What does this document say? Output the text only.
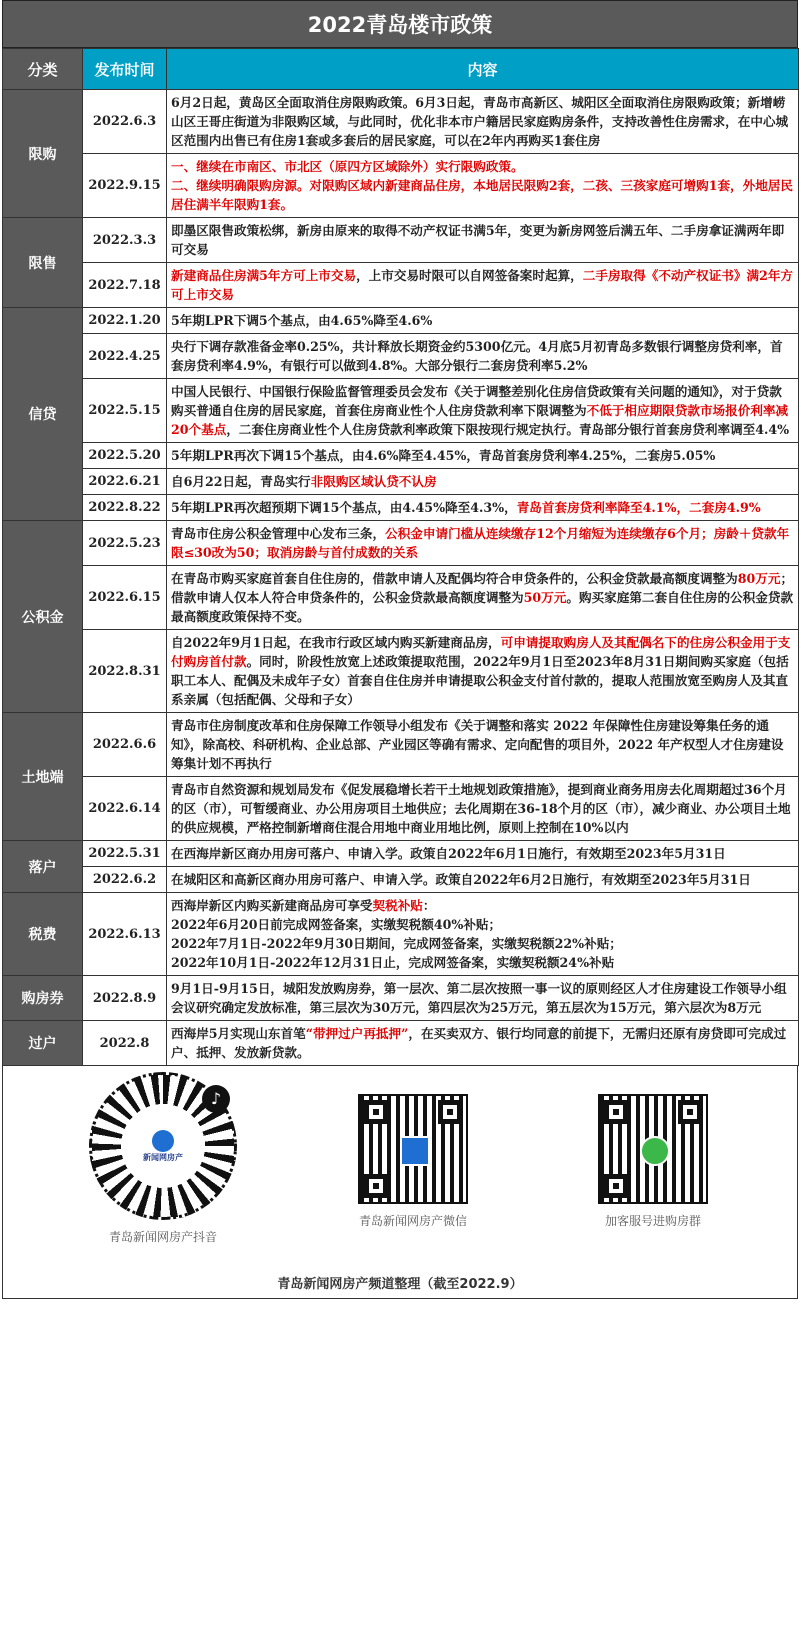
2022青岛楼市政策
分类	发布时间	内容
限购	2022.6.3	6月2日起，黄岛区全面取消住房限购政策。6月3日起，青岛市高新区、城阳区全面取消住房限购政策；新增崂山区王哥庄街道为非限购区域，与此同时，优化非本市户籍居民家庭购房条件，支持改善性住房需求，在中心城区范围内出售已有住房1套或多套后的居民家庭，可以在2年内再购买1套住房
	2022.9.15	一、继续在市南区、市北区（原四方区域除外）实行限购政策。
二、继续明确限购房源。对限购区域内新建商品住房，本地居民限购2套，二孩、三孩家庭可增购1套，外地居民居住满半年限购1套。
限售	2022.3.3	即墨区限售政策松绑，新房由原来的取得不动产权证书满5年，变更为新房网签后满五年、二手房拿证满两年即可交易
	2022.7.18	新建商品住房满5年方可上市交易，上市交易时限可以自网签备案时起算，二手房取得《不动产权证书》满2年方可上市交易
信贷	2022.1.20	5年期LPR下调5个基点，由4.65%降至4.6%
	2022.4.25	央行下调存款准备金率0.25%，共计释放长期资金约5300亿元。4月底5月初青岛多数银行调整房贷利率，首套房贷利率4.9%，有银行可以做到4.8%。大部分银行二套房贷利率5.2%
	2022.5.15	中国人民银行、中国银行保险监督管理委员会发布《关于调整差别化住房信贷政策有关问题的通知》，对于贷款购买普通自住房的居民家庭，首套住房商业性个人住房贷款利率下限调整为不低于相应期限贷款市场报价利率减20个基点，二套住房商业性个人住房贷款利率政策下限按现行规定执行。青岛部分银行首套房贷利率调至4.4%
	2022.5.20	5年期LPR再次下调15个基点，由4.6%降至4.45%，青岛首套房贷利率4.25%，二套房5.05%
	2022.6.21	自6月22日起，青岛实行非限购区域认贷不认房
	2022.8.22	5年期LPR再次超预期下调15个基点，由4.45%降至4.3%，青岛首套房贷利率降至4.1%，二套房4.9%
公积金	2022.5.23	青岛市住房公积金管理中心发布三条，公积金申请门槛从连续缴存12个月缩短为连续缴存6个月；房龄＋贷款年限≤30改为50；取消房龄与首付成数的关系
	2022.6.15	在青岛市购买家庭首套自住住房的，借款申请人及配偶均符合申贷条件的，公积金贷款最高额度调整为80万元；借款申请人仅本人符合申贷条件的，公积金贷款最高额度调整为50万元。购买家庭第二套自住住房的公积金贷款最高额度政策保持不变。
	2022.8.31	自2022年9月1日起，在我市行政区域内购买新建商品房，可申请提取购房人及其配偶名下的住房公积金用于支付购房首付款。同时，阶段性放宽上述政策提取范围，2022年9月1日至2023年8月31日期间购买家庭（包括职工本人、配偶及未成年子女）首套自住住房并申请提取公积金支付首付款的，提取人范围放宽至购房人及其直系亲属（包括配偶、父母和子女）
土地端	2022.6.6	青岛市住房制度改革和住房保障工作领导小组发布《关于调整和落实 2022 年保障性住房建设筹集任务的通知》，除高校、科研机构、企业总部、产业园区等确有需求、定向配售的项目外，2022 年产权型人才住房建设筹集计划不再执行
	2022.6.14	青岛市自然资源和规划局发布《促发展稳增长若干土地规划政策措施》，提到商业商务用房去化周期超过36个月的区（市），可暂缓商业、办公用房项目土地供应；去化周期在36-18个月的区（市），减少商业、办公项目土地的供应规模，严格控制新增商住混合用地中商业用地比例，原则上控制在10%以内
落户	2022.5.31	在西海岸新区商办用房可落户、申请入学。政策自2022年6月1日施行，有效期至2023年5月31日
	2022.6.2	在城阳区和高新区商办用房可落户、申请入学。政策自2022年6月2日施行，有效期至2023年5月31日
税费	2022.6.13	西海岸新区内购买新建商品房可享受契税补贴：
2022年6月20日前完成网签备案，实缴契税额40%补贴；
2022年7月1日-2022年9月30日期间，完成网签备案，实缴契税额22%补贴；
2022年10月1日-2022年12月31日止，完成网签备案，实缴契税额24%补贴
购房券	2022.8.9	9月1日-9月15日，城阳发放购房券，第一层次、第二层次按照一事一议的原则经区人才住房建设工作领导小组会议研究确定发放标准，第三层次为30万元，第四层次为25万元，第五层次为15万元，第六层次为8万元
过户	2022.8	西海岸5月实现山东首笔“带押过户再抵押”，在买卖双方、银行均同意的前提下，无需归还原有房贷即可完成过户、抵押、发放新贷款。
新闻网房产
♪
青岛新闻网房产抖音
青岛新闻网房产微信	加客服号进购房群
青岛新闻网房产频道整理（截至2022.9）
